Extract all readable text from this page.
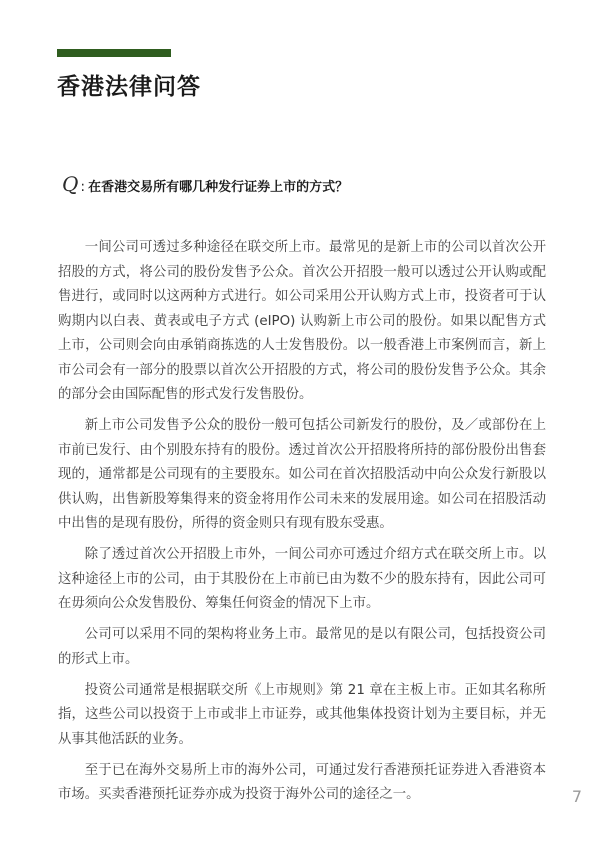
香港法律问答
Q : 在香港交易所有哪几种发行证券上市的方式？

一间公司可透过多种途径在联交所上市。最常见的是新上市的公司以首次公开招股的方式，将公司的股份发售予公众。首次公开招股一般可以透过公开认购或配售进行，或同时以这两种方式进行。如公司采用公开认购方式上市，投资者可于认购期内以白表、黄表或电子方式 (eIPO) 认购新上市公司的股份。如果以配售方式上市，公司则会向由承销商拣选的人士发售股份。以一般香港上市案例而言，新上市公司会有一部分的股票以首次公开招股的方式，将公司的股份发售予公众。其余的部分会由国际配售的形式发行发售股份。

新上市公司发售予公众的股份一般可包括公司新发行的股份，及／或部份在上市前已发行、由个别股东持有的股份。透过首次公开招股将所持的部份股份出售套现的，通常都是公司现有的主要股东。如公司在首次招股活动中向公众发行新股以供认购，出售新股筹集得来的资金将用作公司未来的发展用途。如公司在招股活动中出售的是现有股份，所得的资金则只有现有股东受惠。

除了透过首次公开招股上市外，一间公司亦可透过介绍方式在联交所上市。以这种途径上市的公司，由于其股份在上市前已由为数不少的股东持有，因此公司可在毋须向公众发售股份、筹集任何资金的情况下上市。

公司可以采用不同的架构将业务上市。最常见的是以有限公司，包括投资公司的形式上市。

投资公司通常是根据联交所《上市规则》第 21 章在主板上市。正如其名称所指，这些公司以投资于上市或非上市证券，或其他集体投资计划为主要目标，并无从事其他活跃的业务。

至于已在海外交易所上市的海外公司，可通过发行香港预托证券进入香港资本市场。买卖香港预托证券亦成为投资于海外公司的途径之一。	7
